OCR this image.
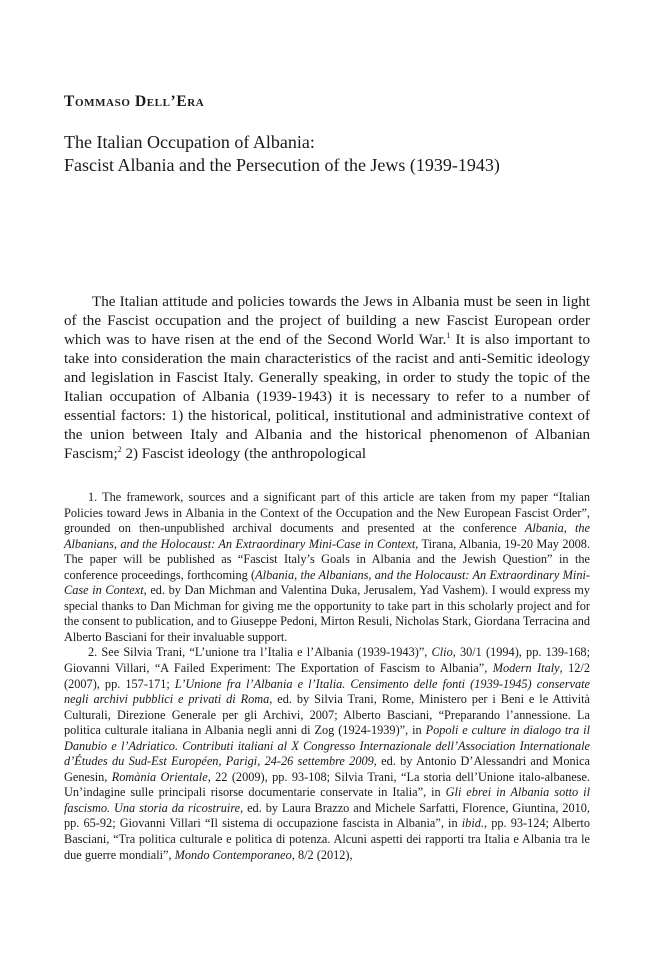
Tommaso Dell’Era
The Italian Occupation of Albania:
Fascist Albania and the Persecution of the Jews (1939-1943)

The Italian attitude and policies towards the Jews in Albania must be seen in light of the Fascist occupation and the project of building a new Fascist European order which was to have risen at the end of the Second World War.$^1$ It is also important to take into consideration the main characteristics of the racist and anti-Semitic ideology and legislation in Fascist Italy. Generally speaking, in order to study the topic of the Italian occupation of Albania (1939-1943) it is necessary to refer to a number of essential factors: 1) the historical, political, institutional and administrative context of the union between Italy and Albania and the historical phenomenon of Albanian Fascism;$^2$ 2) Fascist ideology (the anthropological

1. The framework, sources and a significant part of this article are taken from my paper “Italian Policies toward Jews in Albania in the Context of the Occupation and the New European Fascist Order”, grounded on then-unpublished archival documents and presented at the conference Albania, the Albanians, and the Holocaust: An Extraordinary Mini-Case in Context, Tirana, Albania, 19-20 May 2008. The paper will be published as “Fascist Italy’s Goals in Albania and the Jewish Question” in the conference proceedings, forthcoming (Albania, the Albanians, and the Holocaust: An Extraordinary Mini-Case in Context, ed. by Dan Michman and Valentina Duka, Jerusalem, Yad Vashem). I would express my special thanks to Dan Michman for giving me the opportunity to take part in this scholarly project and for the consent to publication, and to Giuseppe Pedoni, Mirton Resuli, Nicholas Stark, Giordana Terracina and Alberto Basciani for their invaluable support.

2. See Silvia Trani, “L’unione tra l’Italia e l’Albania (1939-1943)”, Clio, 30/1 (1994), pp. 139-168; Giovanni Villari, “A Failed Experiment: The Exportation of Fascism to Albania”, Modern Italy, 12/2 (2007), pp. 157-171; L’Unione fra l’Albania e l’Italia. Censimento delle fonti (1939-1945) conservate negli archivi pubblici e privati di Roma, ed. by Silvia Trani, Rome, Ministero per i Beni e le Attività Culturali, Direzione Generale per gli Archivi, 2007; Alberto Basciani, “Preparando l’annessione. La politica culturale italiana in Albania negli anni di Zog (1924-1939)”, in Popoli e culture in dialogo tra il Danubio e l’Adriatico. Contributi italiani al X Congresso Internazionale dell’Association Internationale d’Études du Sud-Est Européen, Parigi, 24-26 settembre 2009, ed. by Antonio D’Alessandri and Monica Genesin, Romània Orientale, 22 (2009), pp. 93-108; Silvia Trani, “La storia dell’Unione italo-albanese. Un’indagine sulle principali risorse documentarie conservate in Italia”, in Gli ebrei in Albania sotto il fascismo. Una storia da ricostruire, ed. by Laura Brazzo and Michele Sarfatti, Florence, Giuntina, 2010, pp. 65-92; Giovanni Villari “Il sistema di occupazione fascista in Albania”, in ibid., pp. 93-124; Alberto Basciani, “Tra politica culturale e politica di potenza. Alcuni aspetti dei rapporti tra Italia e Albania tra le due guerre mondiali”, Mondo Contemporaneo, 8/2 (2012),
